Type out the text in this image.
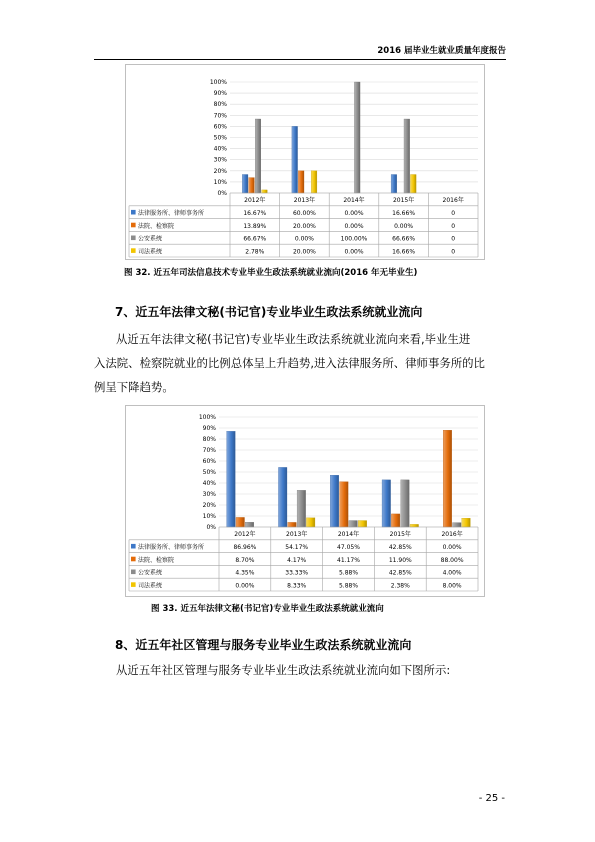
2016 届毕业生就业质量年度报告
0%
10%
20%
30%
40%
50%
60%
70%
80%
90%
100%
2012年	2013年	2014年	2015年	2016年
法律服务所、律师事务所	16.67%	60.00%	0.00%	16.66%	0
法院、检察院	13.89%	20.00%	0.00%	0.00%	0
公安系统	66.67%	0.00%	100.00%	66.66%	0
司法系统	2.78%	20.00%	0.00%	16.66%	0
图 32. 近五年司法信息技术专业毕业生政法系统就业流向(2016 年无毕业生)
7、近五年法律文秘(书记官)专业毕业生政法系统就业流向

从近五年法律文秘(书记官)专业毕业生政法系统就业流向来看,毕业生进
入法院、检察院就业的比例总体呈上升趋势,进入法律服务所、律师事务所的比
例呈下降趋势。

0%
10%
20%
30%
40%
50%
60%
70%
80%
90%
100%
2012年	2013年	2014年	2015年	2016年
法律服务所、律师事务所	86.96%	54.17%	47.05%	42.85%	0.00%
法院、检察院	8.70%	4.17%	41.17%	11.90%	88.00%
公安系统	4.35%	33.33%	5.88%	42.85%	4.00%
司法系统	0.00%	8.33%	5.88%	2.38%	8.00%
图 33. 近五年法律文秘(书记官)专业毕业生政法系统就业流向
8、近五年社区管理与服务专业毕业生政法系统就业流向

从近五年社区管理与服务专业毕业生政法系统就业流向如下图所示:

- 25 -
